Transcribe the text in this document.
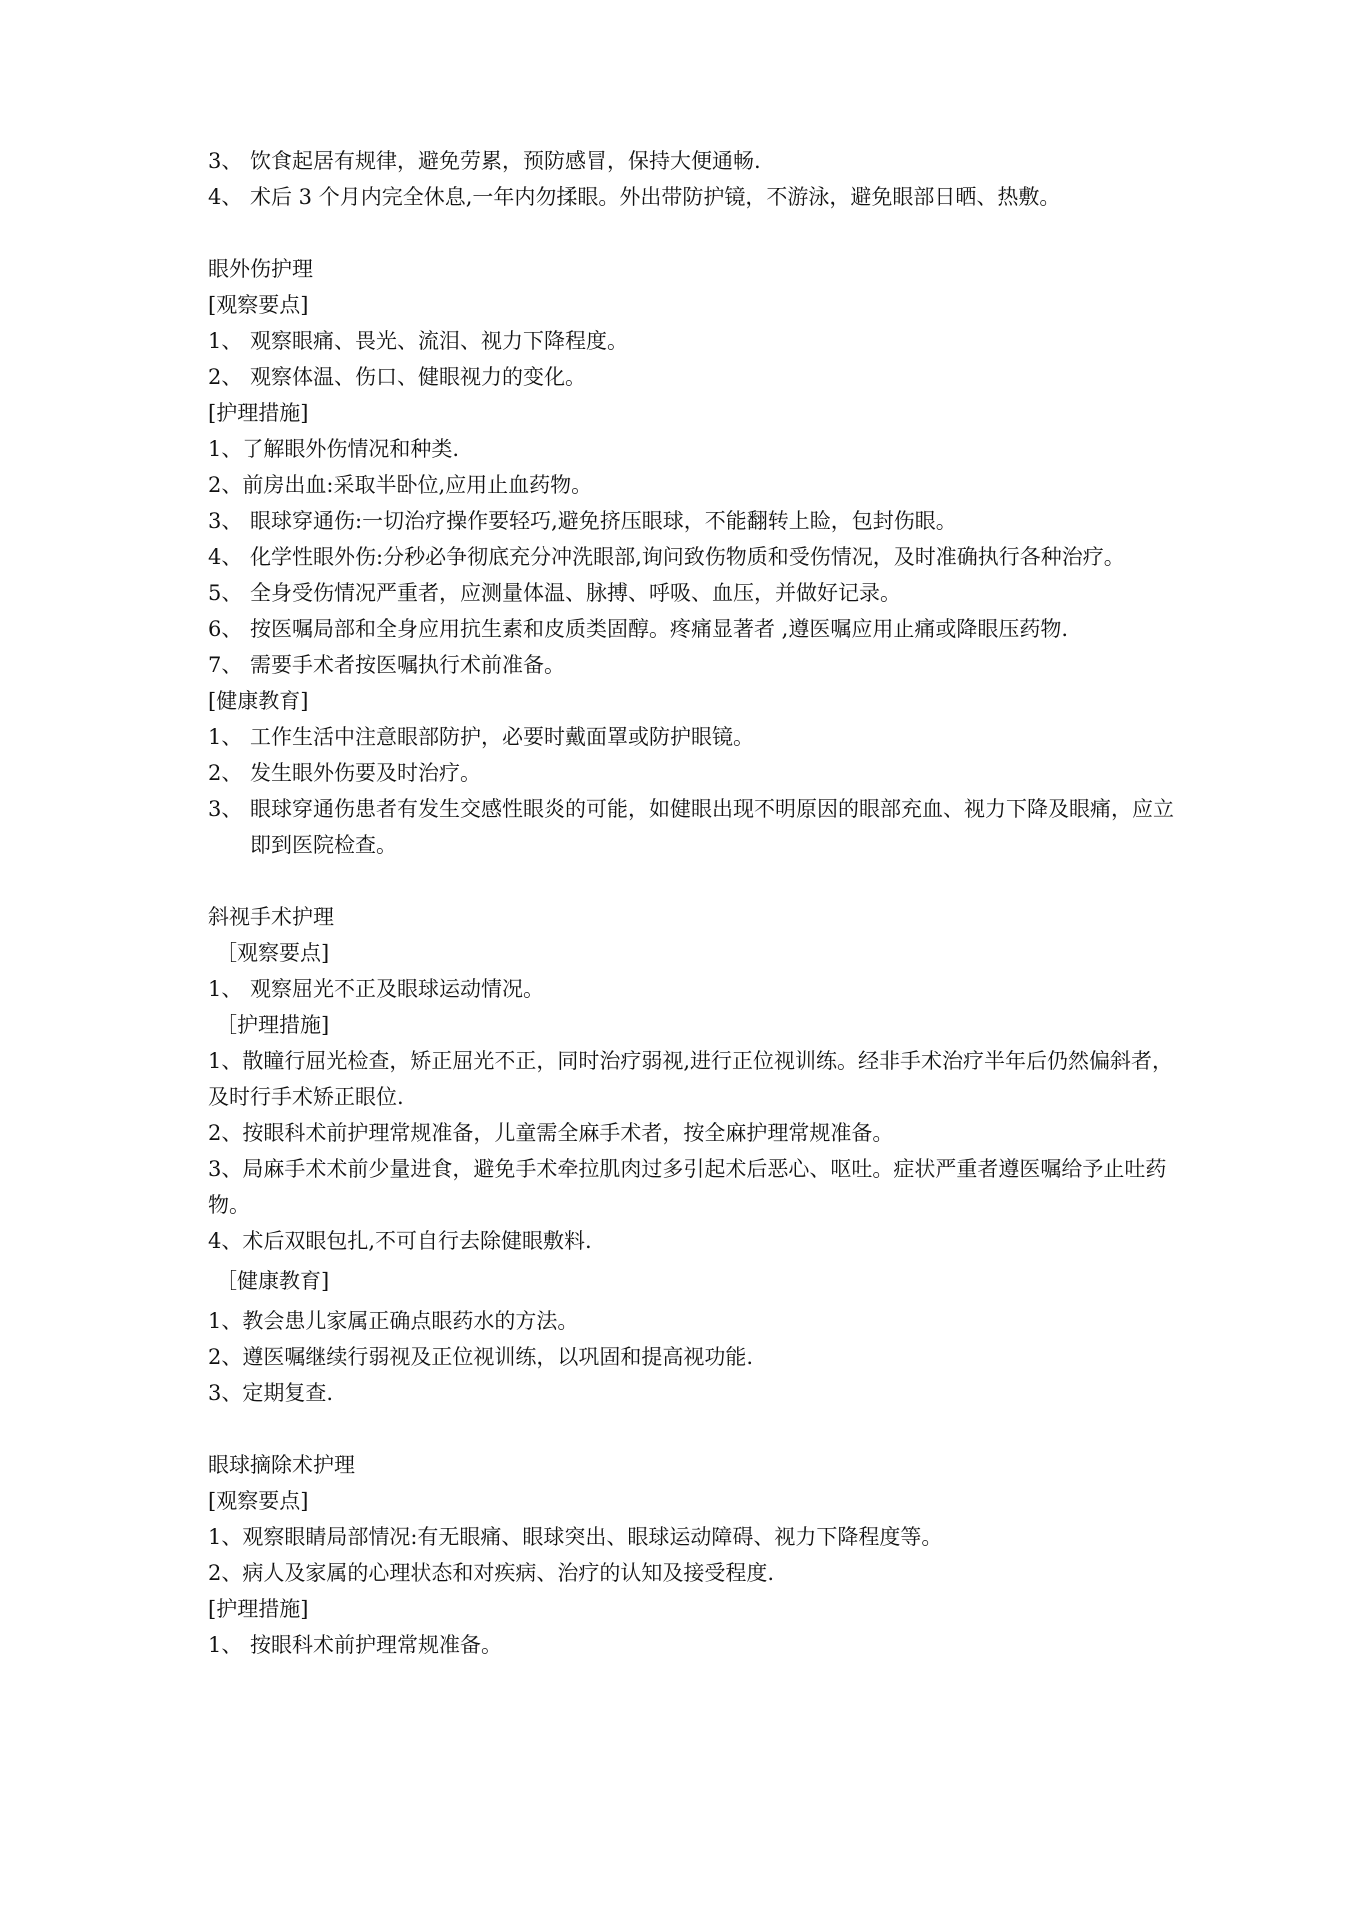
3、 饮食起居有规律，避免劳累，预防感冒，保持大便通畅.
4、 术后 3 个月内完全休息,一年内勿揉眼。外出带防护镜，不游泳，避免眼部日晒、热敷。
眼外伤护理
[观察要点]
1、 观察眼痛、畏光、流泪、视力下降程度。
2、 观察体温、伤口、健眼视力的变化。
[护理措施]
1、了解眼外伤情况和种类.
2、前房出血:采取半卧位,应用止血药物。
3、 眼球穿通伤:一切治疗操作要轻巧,避免挤压眼球，不能翻转上睑，包封伤眼。
4、 化学性眼外伤:分秒必争彻底充分冲洗眼部,询问致伤物质和受伤情况，及时准确执行各种治疗。
5、 全身受伤情况严重者，应测量体温、脉搏、呼吸、血压，并做好记录。
6、 按医嘱局部和全身应用抗生素和皮质类固醇。疼痛显著者 ,遵医嘱应用止痛或降眼压药物.
7、 需要手术者按医嘱执行术前准备。
[健康教育]
1、 工作生活中注意眼部防护，必要时戴面罩或防护眼镜。
2、 发生眼外伤要及时治疗。
3、 眼球穿通伤患者有发生交感性眼炎的可能，如健眼出现不明原因的眼部充血、视力下降及眼痛，应立即到医院检查。
斜视手术护理
［观察要点]
1、 观察屈光不正及眼球运动情况。
［护理措施]
1、散瞳行屈光检查，矫正屈光不正，同时治疗弱视,进行正位视训练。经非手术治疗半年后仍然偏斜者，及时行手术矫正眼位.
2、按眼科术前护理常规准备，儿童需全麻手术者，按全麻护理常规准备。
3、局麻手术术前少量进食，避免手术牵拉肌肉过多引起术后恶心、呕吐。症状严重者遵医嘱给予止吐药物。
4、术后双眼包扎,不可自行去除健眼敷料.
［健康教育]
1、教会患儿家属正确点眼药水的方法。
2、遵医嘱继续行弱视及正位视训练，以巩固和提高视功能.
3、定期复查.
眼球摘除术护理
[观察要点]
1、观察眼睛局部情况:有无眼痛、眼球突出、眼球运动障碍、视力下降程度等。
2、病人及家属的心理状态和对疾病、治疗的认知及接受程度.
[护理措施]
1、 按眼科术前护理常规准备。
